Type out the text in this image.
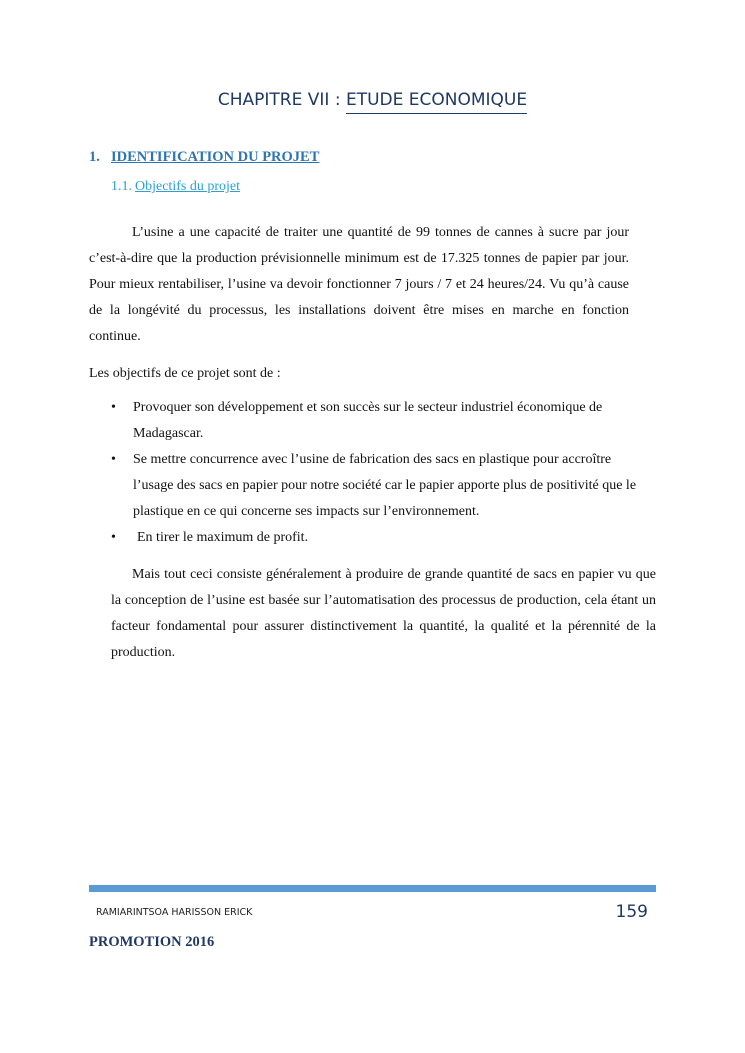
CHAPITRE VII : ETUDE ECONOMIQUE
1. IDENTIFICATION DU PROJET
1.1. Objectifs du projet

L’usine a une capacité de traiter une quantité de 99 tonnes de cannes à sucre par jour c’est-à-dire que la production prévisionnelle minimum est de 17.325 tonnes de papier par jour. Pour mieux rentabiliser, l’usine va devoir fonctionner 7 jours / 7 et 24 heures/24. Vu qu’à cause de la longévité du processus, les installations doivent être mises en marche en fonction continue.

Les objectifs de ce projet sont de :

• Provoquer son développement et son succès sur le secteur industriel économique de Madagascar.
• Se mettre concurrence avec l’usine de fabrication des sacs en plastique pour accroître l’usage des sacs en papier pour notre société car le papier apporte plus de positivité que le plastique en ce qui concerne ses impacts sur l’environnement.
• En tirer le maximum de profit.

Mais tout ceci consiste généralement à produire de grande quantité de sacs en papier vu que la conception de l’usine est basée sur l’automatisation des processus de production, cela étant un facteur fondamental pour assurer distinctivement la quantité, la qualité et la pérennité de la production.

RAMIARINTSOA HARISSON ERICK	159
PROMOTION 2016
